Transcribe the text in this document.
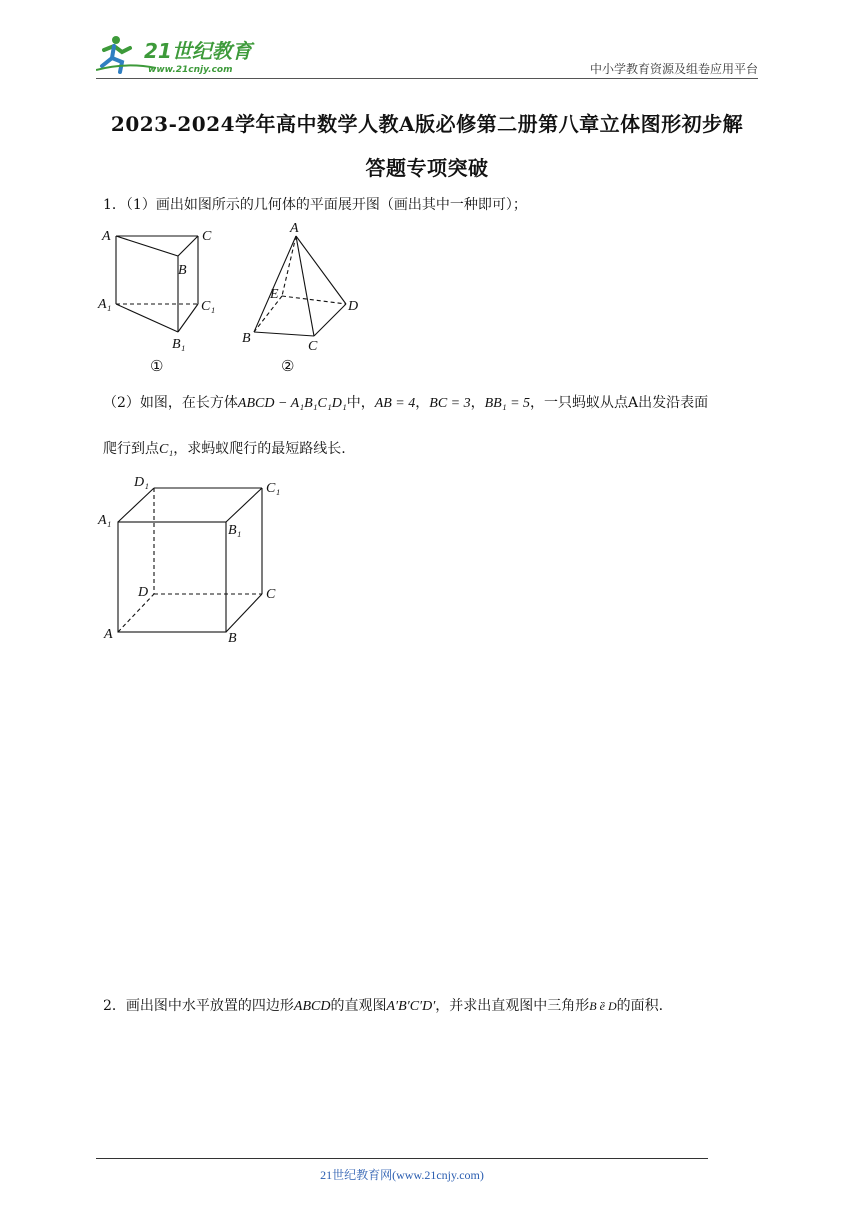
21世纪教育
www.21cnjy.com	中小学教育资源及组卷应用平台
2023-2024学年高中数学人教A版必修第二册第八章立体图形初步解
答题专项突破
1．（1）画出如图所示的几何体的平面展开图（画出其中一种即可）；
A	C
B
A₁	C₁
B₁
①
A
E
D
B
C
②
（2）如图，在长方体ABCD − A₁B₁C₁D₁中，AB = 4，BC = 3，BB₁ = 5，一只蚂蚁从点A出发沿表面
爬行到点C₁，求蚂蚁爬行的最短路线长.
D₁	C₁
A₁
B₁
D	C
A	B
2．画出图中水平放置的四边形ABCD的直观图A′B′C′D′，并求出直观图中三角形B ȅ D的面积.
21世纪教育网(www.21cnjy.com)
